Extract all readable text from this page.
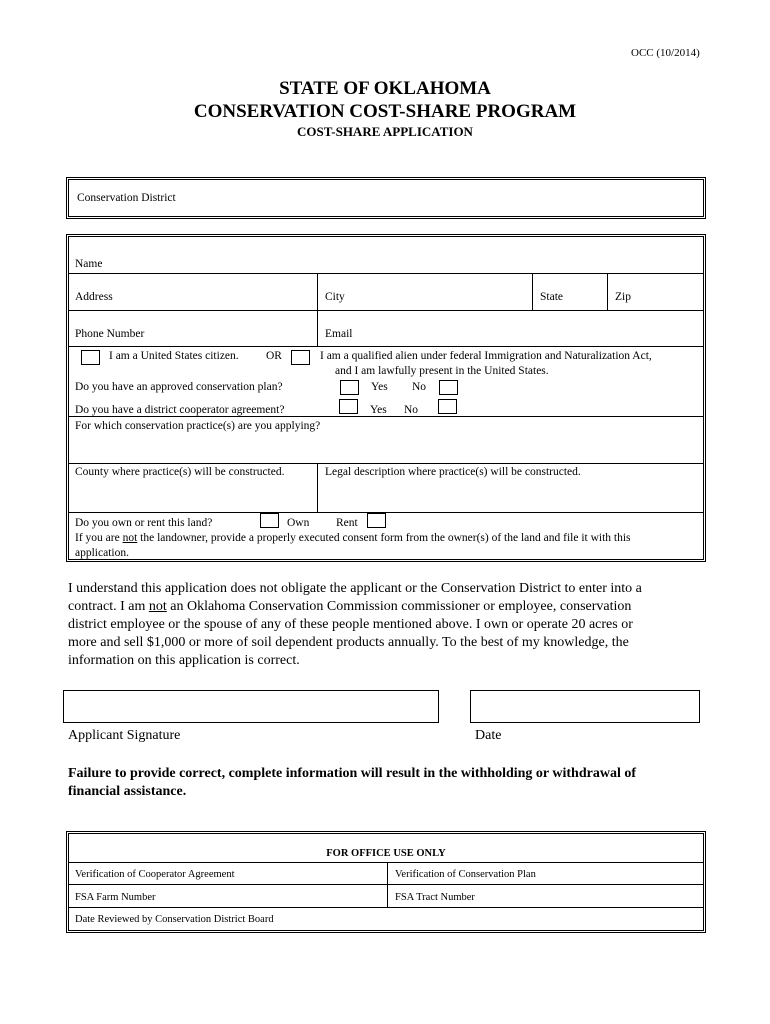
OCC (10/2014)
STATE OF OKLAHOMA
CONSERVATION COST-SHARE PROGRAM
COST-SHARE APPLICATION
Conservation District
Name
Address	City	State	Zip
Phone Number	Email
I am a United States citizen. OR	I am a qualified alien under federal Immigration and Naturalization Act,
and I am lawfully present in the United States.
Do you have an approved conservation plan?	Yes No
Do you have a district cooperator agreement?	Yes No
For which conservation practice(s) are you applying?
County where practice(s) will be constructed.	Legal description where practice(s) will be constructed.
Do you own or rent this land?	Own Rent
If you are not the landowner, provide a properly executed consent form from the owner(s) of the land and file it with this
application.
I understand this application does not obligate the applicant or the Conservation District to enter into a
contract. I am not an Oklahoma Conservation Commission commissioner or employee, conservation
district employee or the spouse of any of these people mentioned above. I own or operate 20 acres or
more and sell $1,000 or more of soil dependent products annually. To the best of my knowledge, the
information on this application is correct.
Applicant Signature	Date
Failure to provide correct, complete information will result in the withholding or withdrawal of
financial assistance.
FOR OFFICE USE ONLY
Verification of Cooperator Agreement	Verification of Conservation Plan
FSA Farm Number	FSA Tract Number
Date Reviewed by Conservation District Board
